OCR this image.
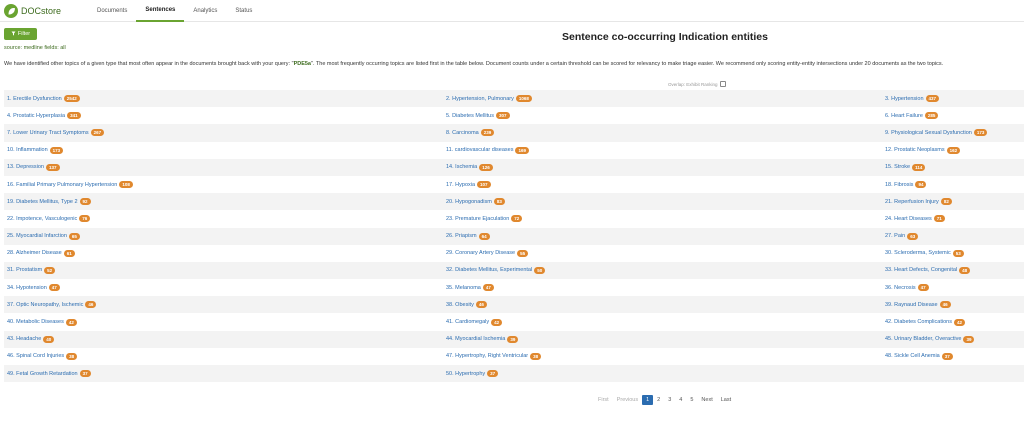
DOCstore	Documents	Sentences	Analytics	Status
Filter
source: medline fields: all
Sentence co-occurring Indication entities
We have identified other topics of a given type that most often appear in the documents brought back with your query: "PDE5a". The most frequently occurring topics are listed first in the table below. Document counts under a certain threshold can be scored for relevancy to make triage easier. We recommend only scoring entity-entity intersections under 20 documents as the two topics.
Overlap: Exhibit Ranking
1. Erectile Dysfunction	2542	2. Hypertension, Pulmonary	1068	3. Hypertension	437
4. Prostatic Hyperplasia	341	5. Diabetes Mellitus	307	6. Heart Failure	285
7. Lower Urinary Tract Symptoms	267	8. Carcinoma	239	9. Physiological Sexual Dysfunction	173
10. Inflammation	173	11. cardiovascular diseases	169	12. Prostatic Neoplasms	162
13. Depression	137	14. Ischemia	126	15. Stroke	114
16. Familial Primary Pulmonary Hypertension	108	17. Hypoxia	107	18. Fibrosis	94
19. Diabetes Mellitus, Type 2	92	20. Hypogonadism	83	21. Reperfusion Injury	82
22. Impotence, Vasculogenic	76	23. Premature Ejaculation	72	24. Heart Diseases	71
25. Myocardial Infarction	65	26. Priapism	64	27. Pain	63
28. Alzheimer Disease	61	29. Coronary Artery Disease	55	30. Scleroderma, Systemic	53
31. Prostatism	52	32. Diabetes Mellitus, Experimental	50	33. Heart Defects, Congenital	48
34. Hypotension	47	35. Melanoma	47	36. Necrosis	47
37. Optic Neuropathy, Ischemic	46	38. Obesity	46	39. Raynaud Disease	46
40. Metabolic Diseases	42	41. Cardiomegaly	42	42. Diabetes Complications	42
43. Headache	40	44. Myocardial Ischemia	39	45. Urinary Bladder, Overactive	39
46. Spinal Cord Injuries	38	47. Hypertrophy, Right Ventricular	38	48. Sickle Cell Anemia	37
49. Fetal Growth Retardation	37	50. Hypertrophy	37
First	Previous	1	2	3	4	5	Next	Last
